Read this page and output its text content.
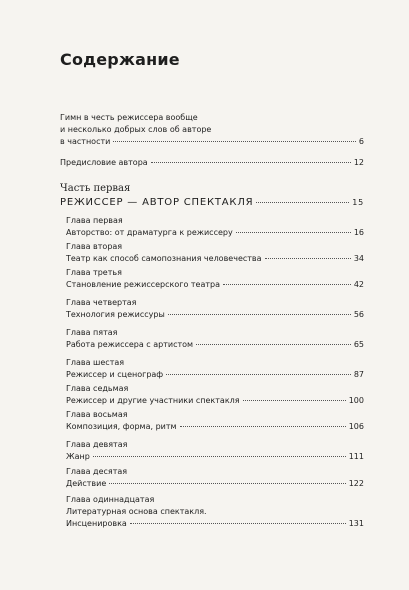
Содержание
Гимн в честь режиссера вообще
и несколько добрых слов об авторе
в частности	6
Предисловие автора	12
Часть первая
РЕЖИССЕР — АВТОР СПЕКТАКЛЯ	15
Глава первая
Авторство: от драматурга к режиссеру	16
Глава вторая
Театр как способ самопознания человечества	34
Глава третья
Становление режиссерского театра	42
Глава четвертая
Технология режиссуры	56
Глава пятая
Работа режиссера с артистом	65
Глава шестая
Режиссер и сценограф	87
Глава седьмая
Режиссер и другие участники спектакля	100
Глава восьмая
Композиция, форма, ритм	106
Глава девятая
Жанр	111
Глава десятая
Действие	122
Глава одиннадцатая
Литературная основа спектакля.
Инсценировка	131
